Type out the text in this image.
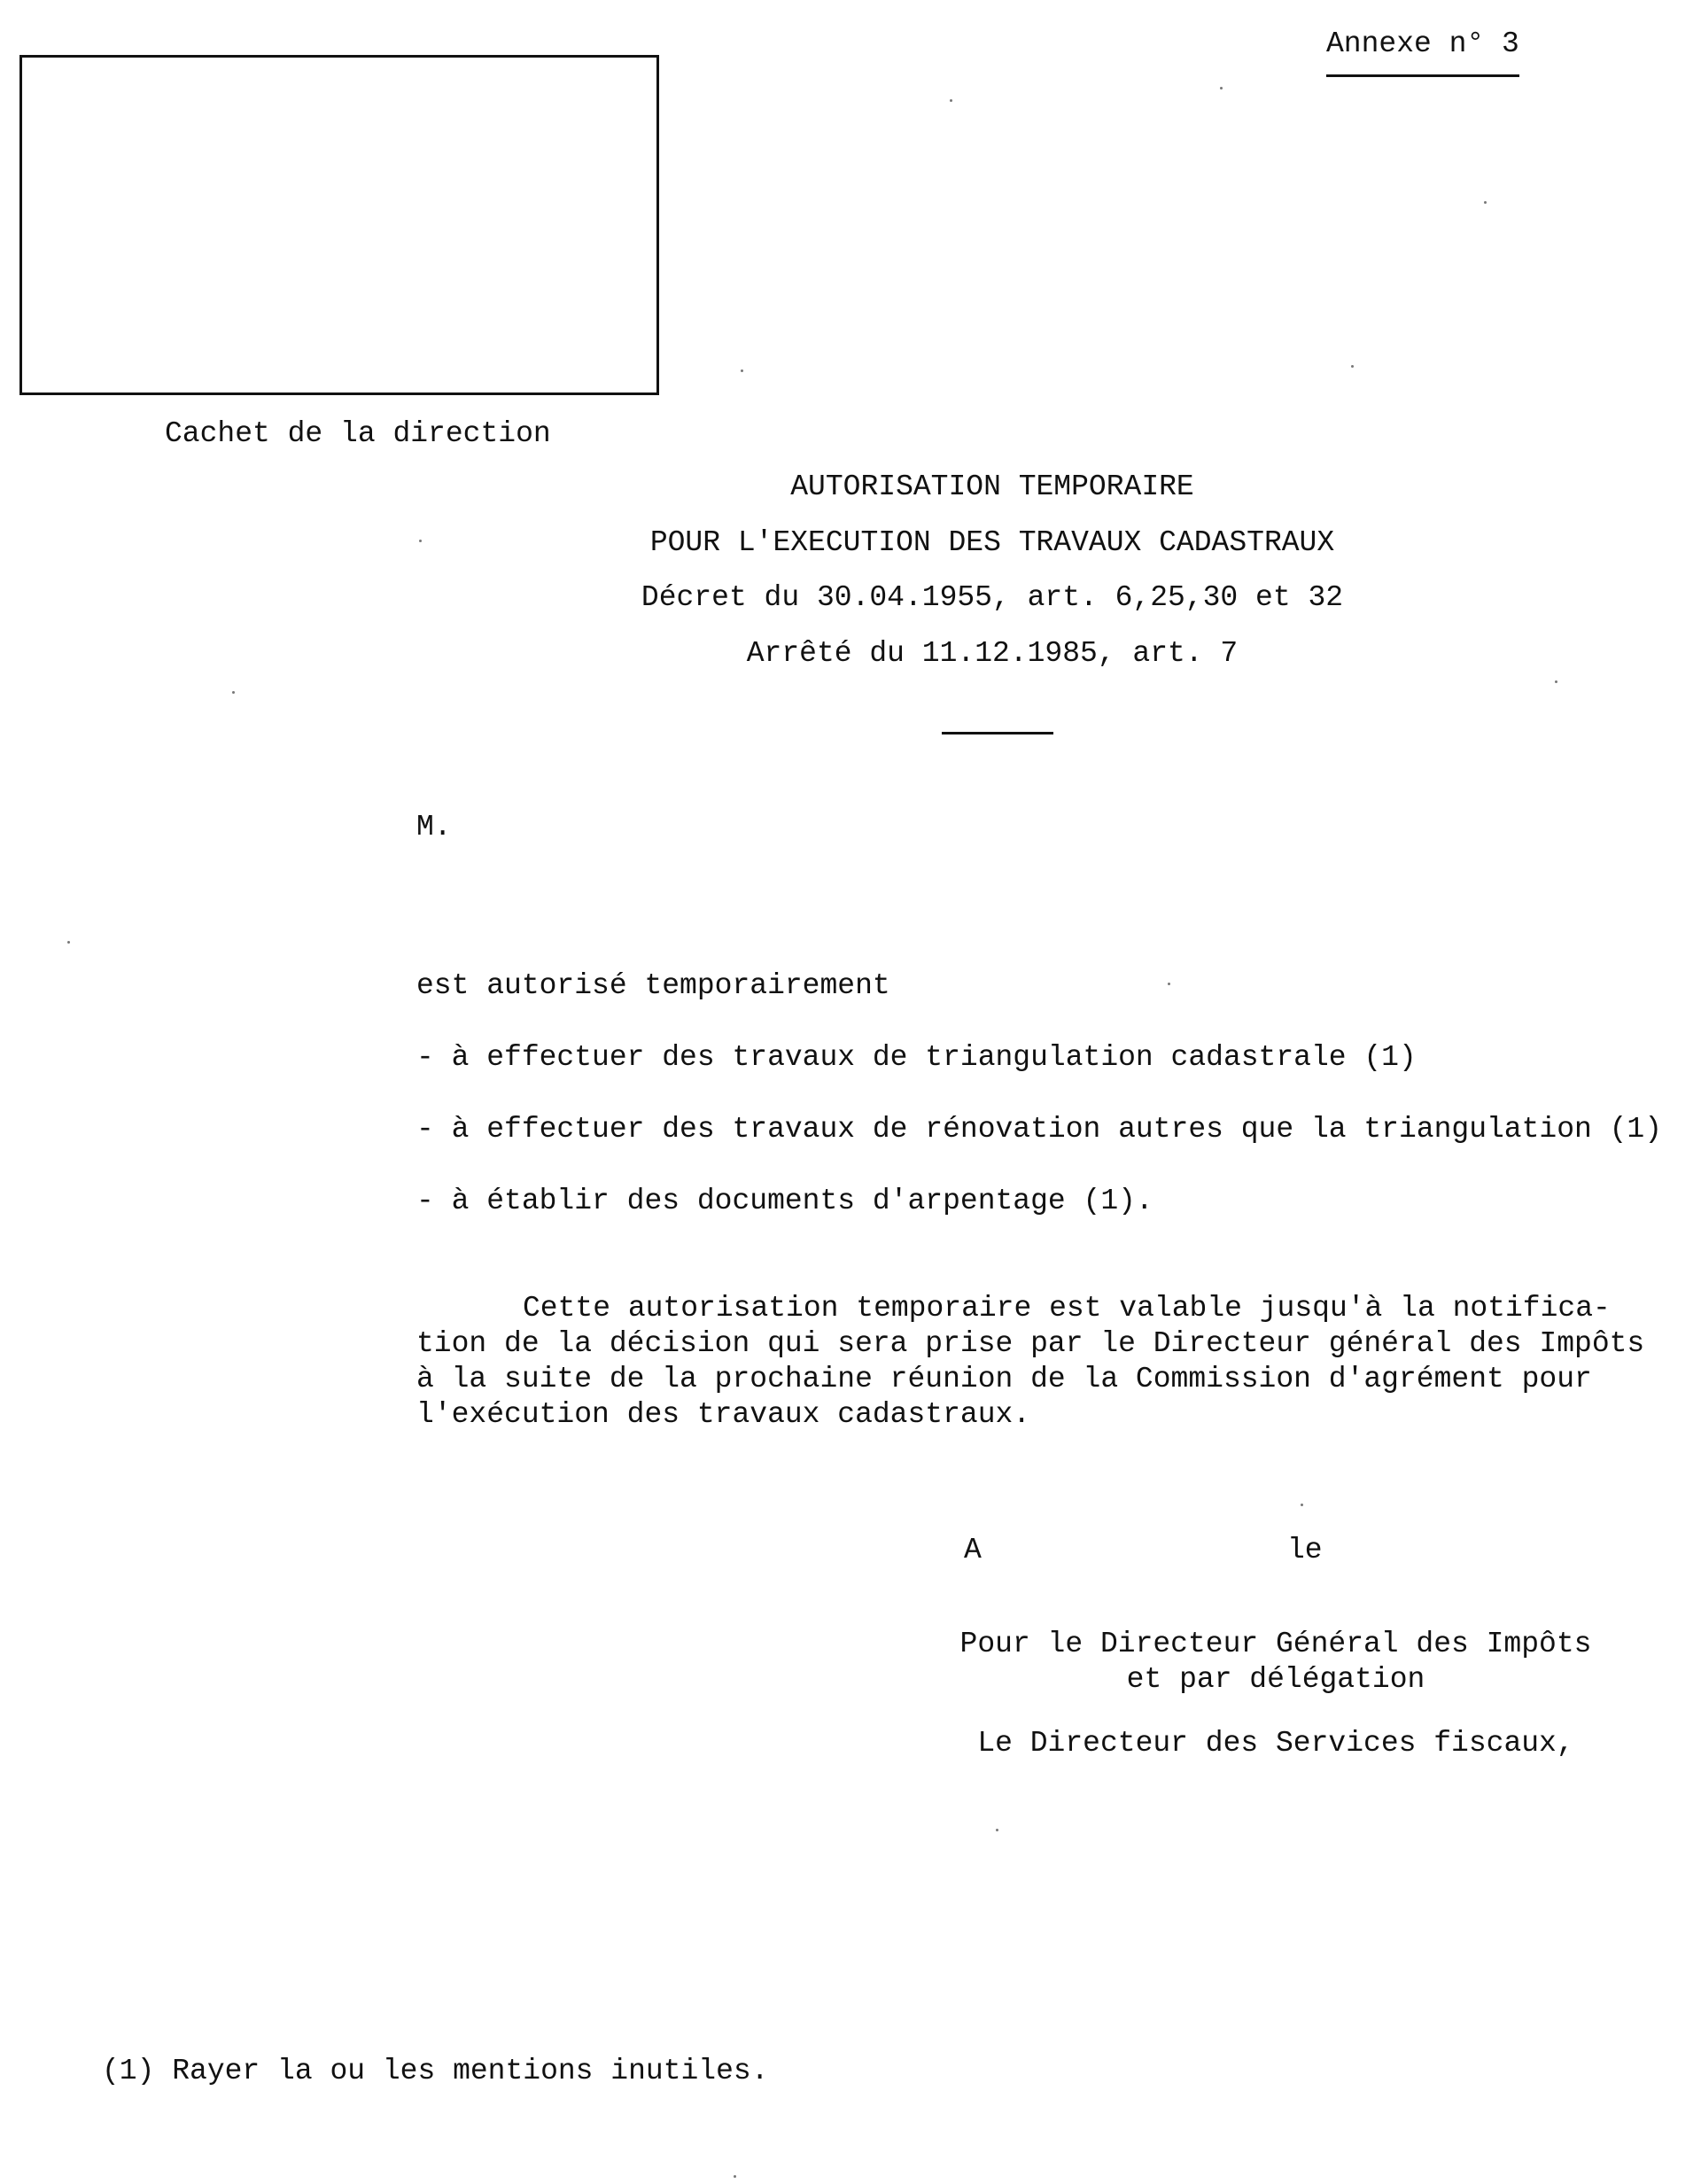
Annexe n° 3
Cachet de la direction
AUTORISATION TEMPORAIRE
POUR L'EXECUTION DES TRAVAUX CADASTRAUX
Décret du 30.04.1955, art. 6,25,30 et 32
Arrêté du 11.12.1985, art. 7
M.
est autorisé temporairement
- à effectuer des travaux de triangulation cadastrale (1)
- à effectuer des travaux de rénovation autres que la triangulation (1)
- à établir des documents d'arpentage (1).
Cette autorisation temporaire est valable jusqu'à la notifica-
tion de la décision qui sera prise par le Directeur général des Impôts
à la suite de la prochaine réunion de la Commission d'agrément pour
l'exécution des travaux cadastraux.
A	le
Pour le Directeur Général des Impôts
et par délégation
Le Directeur des Services fiscaux,
(1) Rayer la ou les mentions inutiles.
